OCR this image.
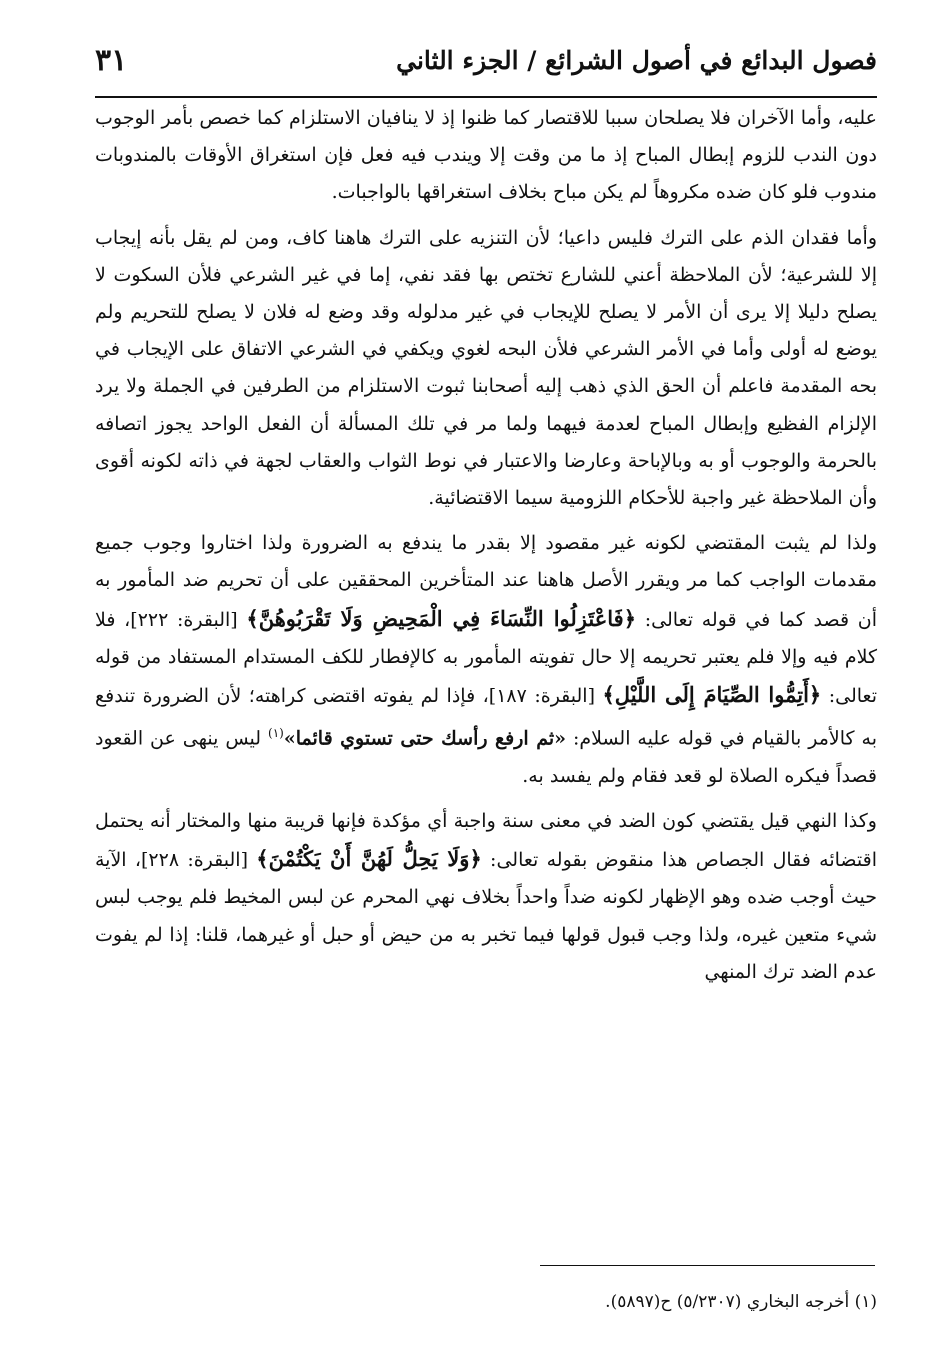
فصول البدائع في أصول الشرائع / الجزء الثاني
٣١

عليه، وأما الآخران فلا يصلحان سببا للاقتصار كما ظنوا إذ لا ينافيان الاستلزام كما خصص بأمر الوجوب دون الندب للزوم إبطال المباح إذ ما من وقت إلا ويندب فيه فعل فإن استغراق الأوقات بالمندوبات مندوب فلو كان ضده مكروهاً لم يكن مباح بخلاف استغراقها بالواجبات.

وأما فقدان الذم على الترك فليس داعيا؛ لأن التنزيه على الترك هاهنا كاف، ومن لم يقل بأنه إيجاب إلا للشرعية؛ لأن الملاحظة أعني للشارع تختص بها فقد نفي، إما في غير الشرعي فلأن السكوت لا يصلح دليلا إلا يرى أن الأمر لا يصلح للإيجاب في غير مدلوله وقد وضع له فلان لا يصلح للتحريم ولم يوضع له أولى وأما في الأمر الشرعي فلأن البحه لغوي ويكفي في الشرعي الاتفاق على الإيجاب في بحه المقدمة فاعلم أن الحق الذي ذهب إليه أصحابنا ثبوت الاستلزام من الطرفين في الجملة ولا يرد الإلزام الفظيع وإبطال المباح لعدمة فيهما ولما مر في تلك المسألة أن الفعل الواحد يجوز اتصافه بالحرمة والوجوب أو به وبالإباحة وعارضا والاعتبار في نوط الثواب والعقاب لجهة في ذاته لكونه أقوى وأن الملاحظة غير واجبة للأحكام اللزومية سيما الاقتضائية.

ولذا لم يثبت المقتضي لكونه غير مقصود إلا بقدر ما يندفع به الضرورة ولذا اختاروا وجوب جميع مقدمات الواجب كما مر ويقرر الأصل هاهنا عند المتأخرين المحققين على أن تحريم ضد المأمور به أن قصد كما في قوله تعالى: ﴿فَاعْتَزِلُوا النِّسَاءَ فِي الْمَحِيضِ وَلَا تَقْرَبُوهُنَّ﴾ [البقرة: ٢٢٢]، فلا كلام فيه وإلا فلم يعتبر تحريمه إلا حال تفويته المأمور به كالإفطار للكف المستدام المستفاد من قوله تعالى: ﴿أَتِمُّوا الصِّيَامَ إِلَى اللَّيْلِ﴾ [البقرة: ١٨٧]، فإذا لم يفوته اقتضى كراهته؛ لأن الضرورة تندفع به كالأمر بالقيام في قوله عليه السلام: «ثم ارفع رأسك حتى تستوي قائما»$^{(١)}$ ليس ينهى عن القعود قصداً فيكره الصلاة لو قعد فقام ولم يفسد به.

وكذا النهي قيل يقتضي كون الضد في معنى سنة واجبة أي مؤكدة فإنها قريبة منها والمختار أنه يحتمل اقتضائه فقال الجصاص هذا منقوض بقوله تعالى: ﴿وَلَا يَحِلُّ لَهُنَّ أَنْ يَكْتُمْنَ﴾ [البقرة: ٢٢٨]، الآية حيث أوجب ضده وهو الإظهار لكونه ضداً واحداً بخلاف نهي المحرم عن لبس المخيط فلم يوجب لبس شيء متعين غيره، ولذا وجب قبول قولها فيما تخبر به من حيض أو حبل أو غيرهما، قلنا: إذا لم يفوت عدم الضد ترك المنهي

(١) أخرجه البخاري (٥/٢٣٠٧) ح(٥٨٩٧).
